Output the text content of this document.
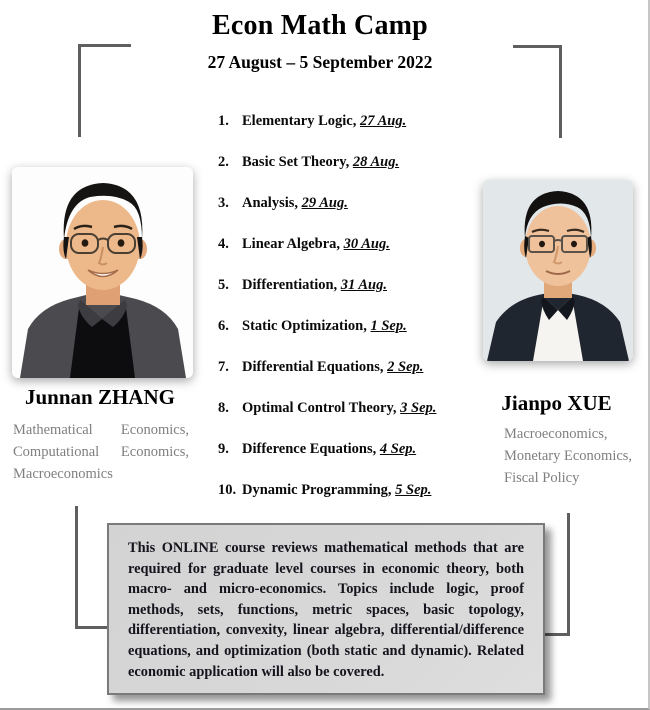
Econ Math Camp
27 August – 5 September 2022
1. Elementary Logic, 27 Aug.
2. Basic Set Theory, 28 Aug.
3. Analysis, 29 Aug.
4. Linear Algebra, 30 Aug.
5. Differentiation, 31 Aug.
6. Static Optimization, 1 Sep.
7. Differential Equations, 2 Sep.
8. Optimal Control Theory, 3 Sep.
9. Difference Equations, 4 Sep.
10. Dynamic Programming, 5 Sep.
Junnan ZHANG
Mathematical Economics, Computational Economics, Macroeconomics
Jianpo XUE
Macroeconomics, Monetary Economics, Fiscal Policy

This ONLINE course reviews mathematical methods that are required for graduate level courses in economic theory, both macro- and micro-economics. Topics include logic, proof methods, sets, functions, metric spaces, basic topology, differentiation, convexity, linear algebra, differential/difference equations, and optimization (both static and dynamic). Related economic application will also be covered.
